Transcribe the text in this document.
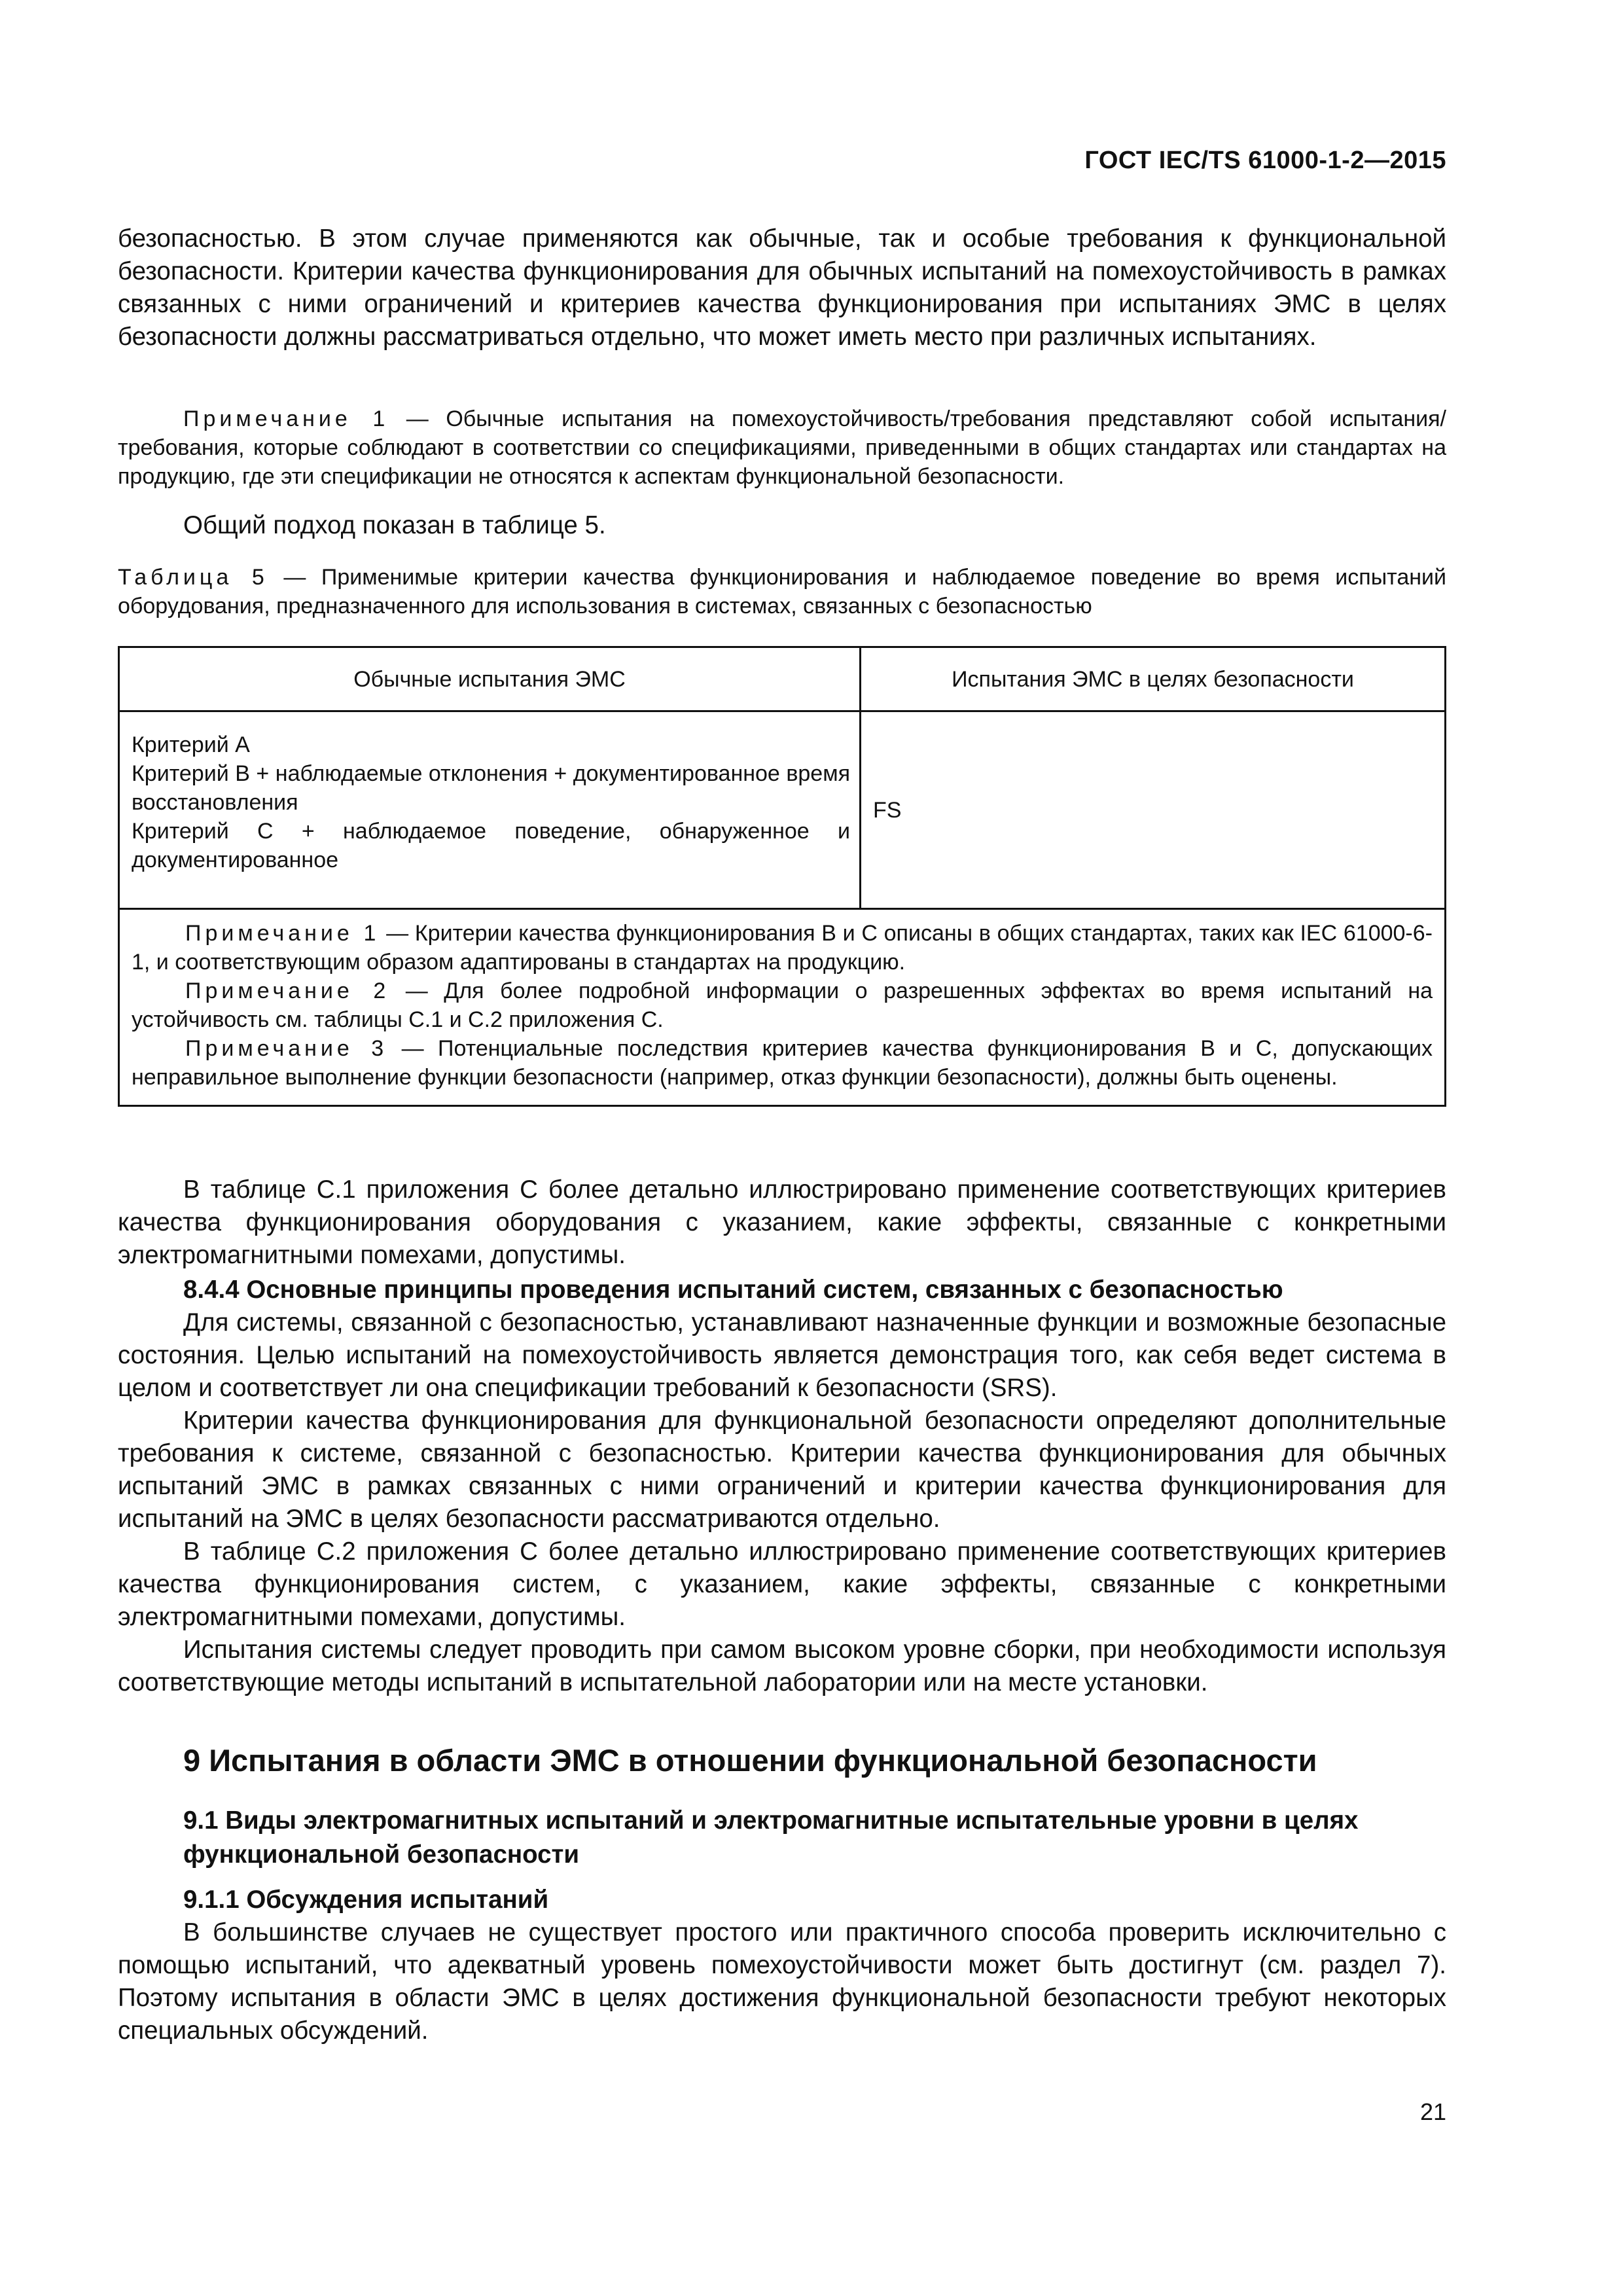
ГОСТ IEC/TS 61000-1-2—2015

безопасностью. В этом случае применяются как обычные, так и особые требования к функциональной безопасности. Критерии качества функционирования для обычных испытаний на помехоустойчивость в рамках связанных с ними ограничений и критериев качества функционирования при испытаниях ЭМС в целях безопасности должны рассматриваться отдельно, что может иметь место при различных испытаниях.

Примечание 1 — Обычные испытания на помехоустойчивость/требования представляют собой испытания/требования, которые соблюдают в соответствии со спецификациями, приведенными в общих стандартах или стандартах на продукцию, где эти спецификации не относятся к аспектам функциональной безопасности.

Общий подход показан в таблице 5.

Таблица 5 — Применимые критерии качества функционирования и наблюдаемое поведение во время испытаний оборудования, предназначенного для использования в системах, связанных с безопасностью

Обычные испытания ЭМС	Испытания ЭМС в целях безопасности

Критерий А
Критерий В + наблюдаемые отклонения + документированное время восстановления
Критерий С + наблюдаемое поведение, обнаруженное и документированное	FS

Примечание 1 — Критерии качества функционирования В и С описаны в общих стандартах, таких как IEC 61000-6-1, и соответствующим образом адаптированы в стандартах на продукцию.
Примечание 2 — Для более подробной информации о разрешенных эффектах во время испытаний на устойчивость см. таблицы С.1 и С.2 приложения С.
Примечание 3 — Потенциальные последствия критериев качества функционирования В и С, допускающих неправильное выполнение функции безопасности (например, отказ функции безопасности), должны быть оценены.	

В таблице С.1 приложения С более детально иллюстрировано применение соответствующих критериев качества функционирования оборудования с указанием, какие эффекты, связанные с конкретными электромагнитными помехами, допустимы.

8.4.4 Основные принципы проведения испытаний систем, связанных с безопасностью

Для системы, связанной с безопасностью, устанавливают назначенные функции и возможные безопасные состояния. Целью испытаний на помехоустойчивость является демонстрация того, как себя ведет система в целом и соответствует ли она спецификации требований к безопасности (SRS).

Критерии качества функционирования для функциональной безопасности определяют дополнительные требования к системе, связанной с безопасностью. Критерии качества функционирования для обычных испытаний ЭМС в рамках связанных с ними ограничений и критерии качества функционирования для испытаний на ЭМС в целях безопасности рассматриваются отдельно.

В таблице С.2 приложения С более детально иллюстрировано применение соответствующих критериев качества функционирования систем, с указанием, какие эффекты, связанные с конкретными электромагнитными помехами, допустимы.

Испытания системы следует проводить при самом высоком уровне сборки, при необходимости используя соответствующие методы испытаний в испытательной лаборатории или на месте установки.

9 Испытания в области ЭМС в отношении функциональной безопасности
9.1 Виды электромагнитных испытаний и электромагнитные испытательные уровни в целях функциональной безопасности
9.1.1 Обсуждения испытаний

В большинстве случаев не существует простого или практичного способа проверить исключительно с помощью испытаний, что адекватный уровень помехоустойчивости может быть достигнут (см. раздел 7). Поэтому испытания в области ЭМС в целях достижения функциональной безопасности требуют некоторых специальных обсуждений.

21
